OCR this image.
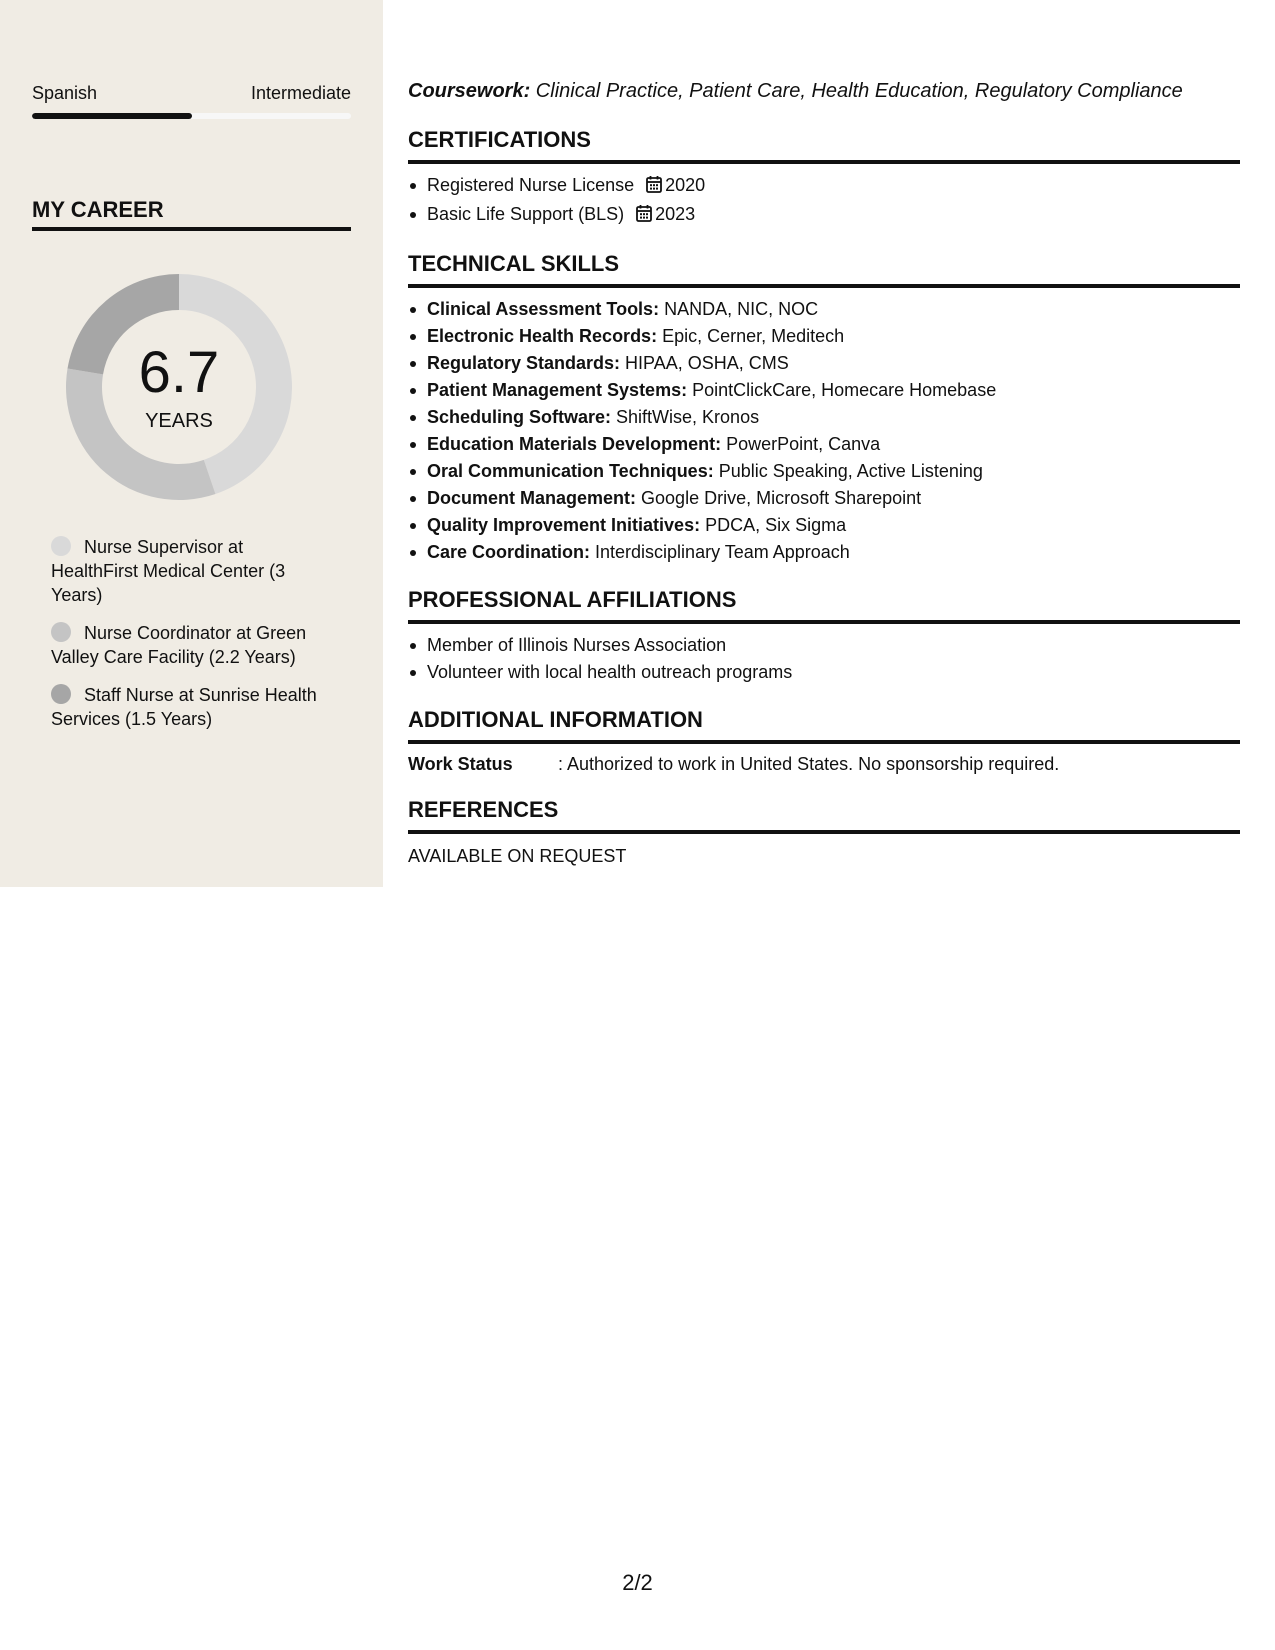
Spanish	Intermediate
MY CAREER
6.7
YEARS
Nurse Supervisor at HealthFirst Medical Center (3 Years)
Nurse Coordinator at Green Valley Care Facility (2.2 Years)
Staff Nurse at Sunrise Health Services (1.5 Years)
Coursework: Clinical Practice, Patient Care, Health Education, Regulatory Compliance
CERTIFICATIONS
Registered Nurse License 2020
Basic Life Support (BLS) 2023
TECHNICAL SKILLS
Clinical Assessment Tools: NANDA, NIC, NOC
Electronic Health Records: Epic, Cerner, Meditech
Regulatory Standards: HIPAA, OSHA, CMS
Patient Management Systems: PointClickCare, Homecare Homebase
Scheduling Software: ShiftWise, Kronos
Education Materials Development: PowerPoint, Canva
Oral Communication Techniques: Public Speaking, Active Listening
Document Management: Google Drive, Microsoft Sharepoint
Quality Improvement Initiatives: PDCA, Six Sigma
Care Coordination: Interdisciplinary Team Approach
PROFESSIONAL AFFILIATIONS
Member of Illinois Nurses Association
Volunteer with local health outreach programs
ADDITIONAL INFORMATION
Work Status	: Authorized to work in United States. No sponsorship required.
REFERENCES
AVAILABLE ON REQUEST
2/2
